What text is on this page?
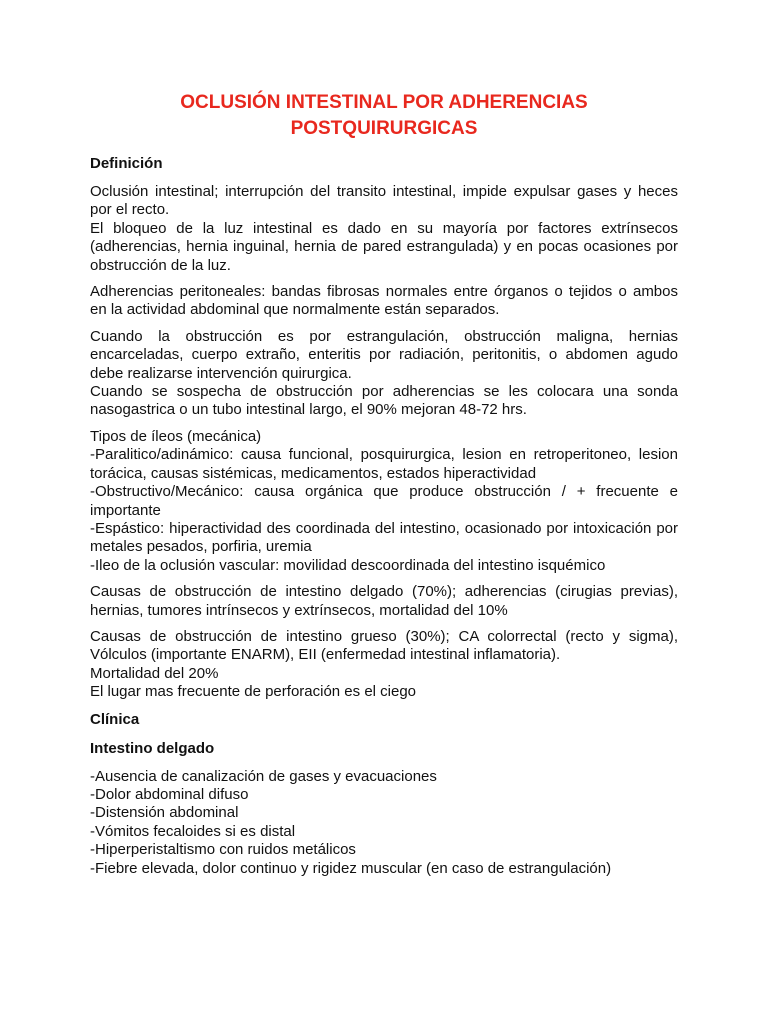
OCLUSIÓN INTESTINAL POR ADHERENCIAS
POSTQUIRURGICAS
Definición

Oclusión intestinal; interrupción del transito intestinal, impide expulsar gases y heces por el recto.
El bloqueo de la luz intestinal es dado en su mayoría por factores extrínsecos (adherencias, hernia inguinal, hernia de pared estrangulada) y en pocas ocasiones por obstrucción de la luz.

Adherencias peritoneales: bandas fibrosas normales entre órganos o tejidos o ambos en la actividad abdominal que normalmente están separados.

Cuando la obstrucción es por estrangulación, obstrucción maligna, hernias encarceladas, cuerpo extraño, enteritis por radiación, peritonitis, o abdomen agudo debe realizarse intervención quirurgica.
Cuando se sospecha de obstrucción por adherencias se les colocara una sonda nasogastrica o un tubo intestinal largo, el 90% mejoran 48-72 hrs.

Tipos de íleos (mecánica)
-Paralitico/adinámico: causa funcional, posquirurgica, lesion en retroperitoneo, lesion torácica, causas sistémicas, medicamentos, estados hiperactividad
-Obstructivo/Mecánico: causa orgánica que produce obstrucción / + frecuente e importante
-Espástico: hiperactividad des coordinada del intestino, ocasionado por intoxicación por metales pesados, porfiria, uremia
-Ileo de la oclusión vascular: movilidad descoordinada del intestino isquémico

Causas de obstrucción de intestino delgado (70%); adherencias (cirugias previas), hernias, tumores intrínsecos y extrínsecos, mortalidad del 10%

Causas de obstrucción de intestino grueso (30%); CA colorrectal (recto y sigma), Vólculos (importante ENARM), EII (enfermedad intestinal inflamatoria).
Mortalidad del 20%
El lugar mas frecuente de perforación es el ciego

Clínica
Intestino delgado

-Ausencia de canalización de gases y evacuaciones
-Dolor abdominal difuso
-Distensión abdominal
-Vómitos fecaloides si es distal
-Hiperperistaltismo con ruidos metálicos
-Fiebre elevada, dolor continuo y rigidez muscular (en caso de estrangulación)
